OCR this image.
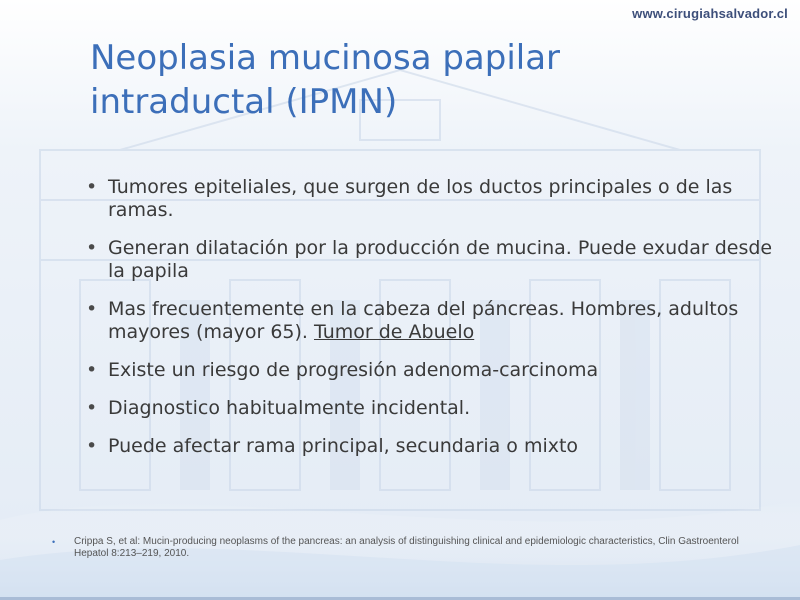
www.cirugiahsalvador.cl
Neoplasia mucinosa papilar intraductal (IPMN)
• Tumores epiteliales, que surgen de los ductos principales o de las ramas.
• Generan dilatación por la producción de mucina. Puede exudar desde la papila
• Mas frecuentemente en la cabeza del páncreas. Hombres, adultos mayores (mayor 65). Tumor de Abuelo
• Existe un riesgo de progresión adenoma-carcinoma
• Diagnostico habitualmente incidental.
• Puede afectar rama principal, secundaria o mixto
• Crippa S, et al: Mucin-producing neoplasms of the pancreas: an analysis of distinguishing clinical and epidemiologic characteristics, Clin Gastroenterol Hepatol 8:213–219, 2010.
